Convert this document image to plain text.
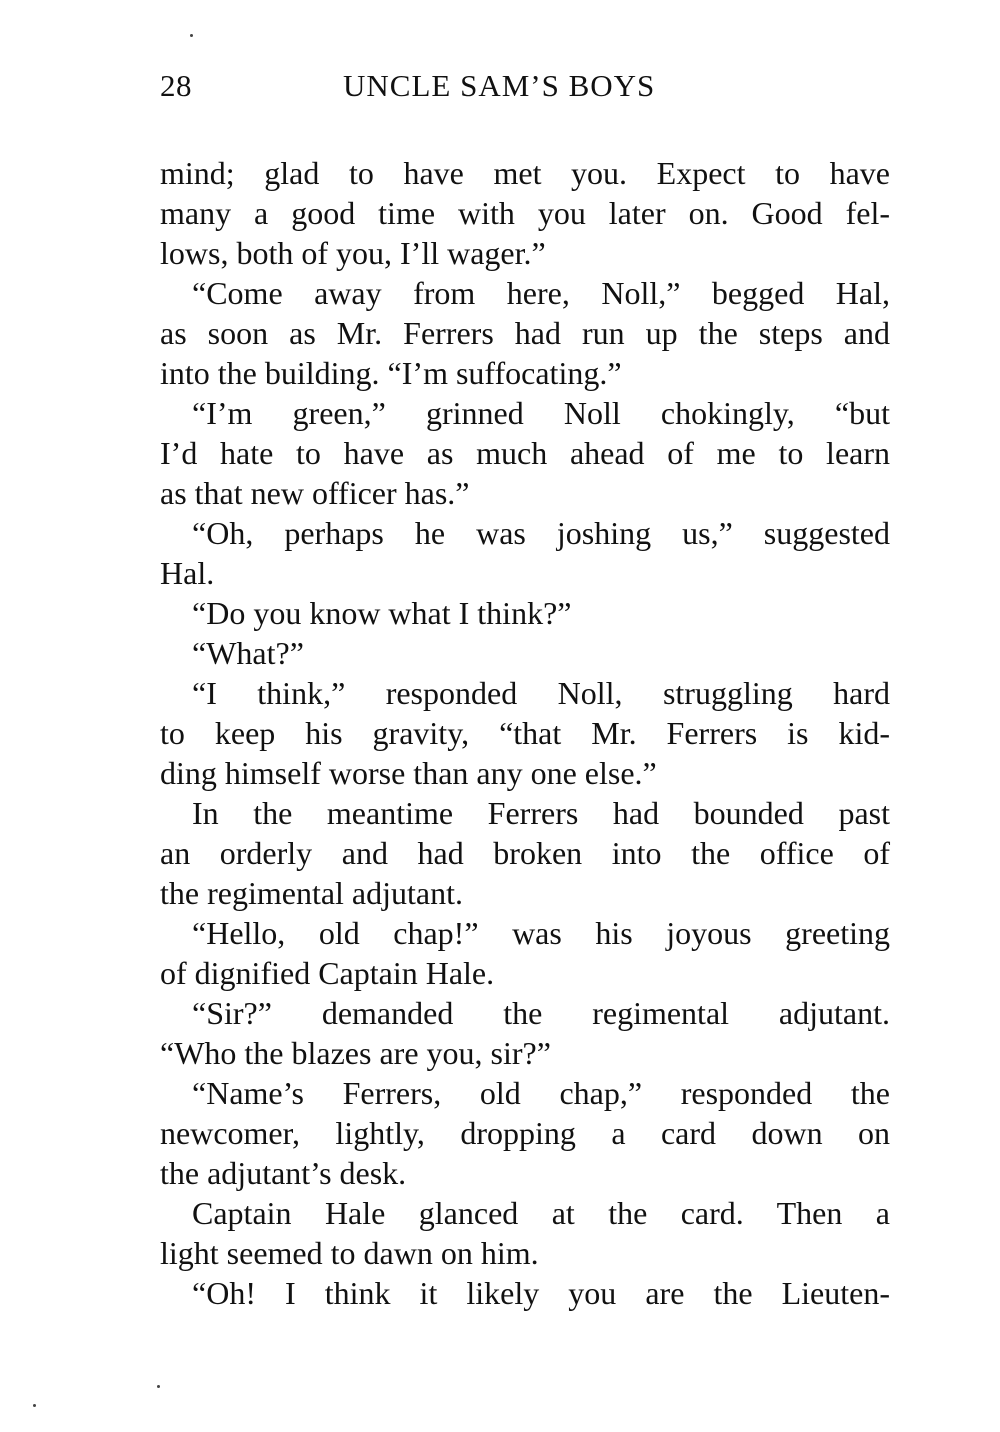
28	UNCLE SAM’S BOYS
mind; glad to have met you. Expect to have
many a good time with you later on. Good fel-
lows, both of you, I’ll wager.”
“Come away from here, Noll,” begged Hal,
as soon as Mr. Ferrers had run up the steps and
into the building. “I’m suffocating.”
“I’m green,” grinned Noll chokingly, “but
I’d hate to have as much ahead of me to learn
as that new officer has.”
“Oh, perhaps he was joshing us,” suggested
Hal.
“Do you know what I think?”
“What?”
“I think,” responded Noll, struggling hard
to keep his gravity, “that Mr. Ferrers is kid-
ding himself worse than any one else.”
In the meantime Ferrers had bounded past
an orderly and had broken into the office of
the regimental adjutant.
“Hello, old chap!” was his joyous greeting
of dignified Captain Hale.
“Sir?” demanded the regimental adjutant.
“Who the blazes are you, sir?”
“Name’s Ferrers, old chap,” responded the
newcomer, lightly, dropping a card down on
the adjutant’s desk.
Captain Hale glanced at the card. Then a
light seemed to dawn on him.
“Oh! I think it likely you are the Lieuten-
